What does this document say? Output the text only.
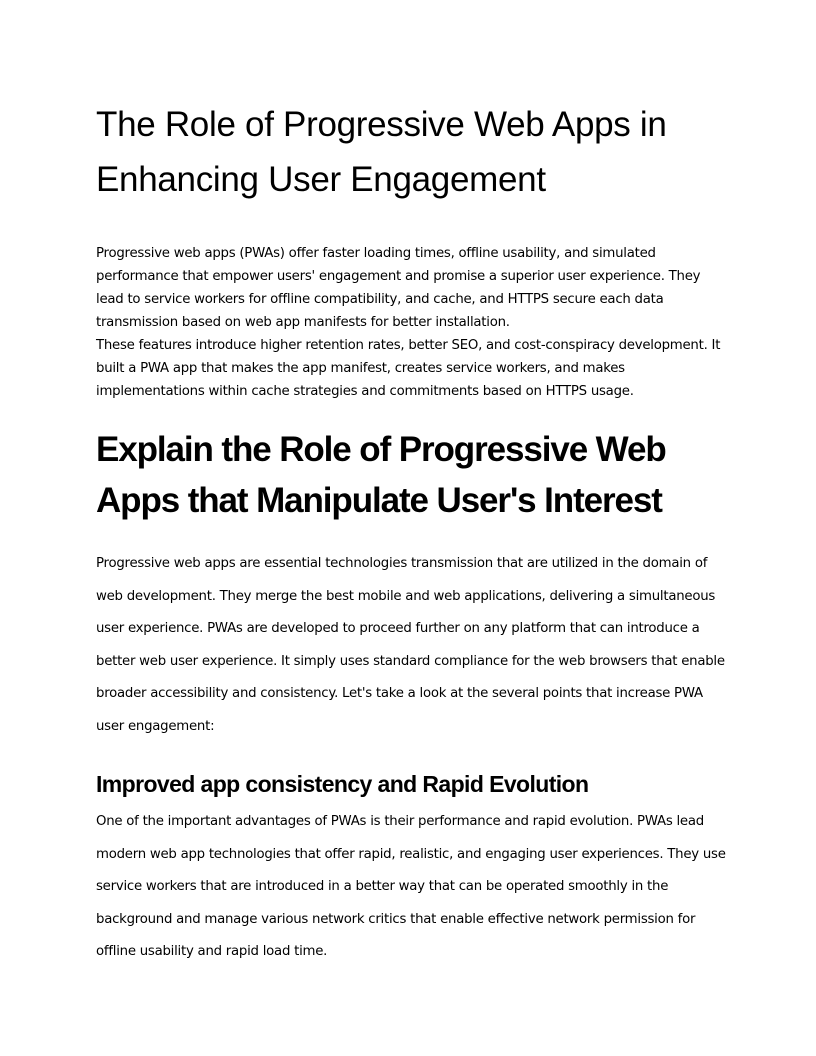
The Role of Progressive Web Apps in Enhancing User Engagement

Progressive web apps (PWAs) offer faster loading times, offline usability, and simulated performance that empower users' engagement and promise a superior user experience. They lead to service workers for offline compatibility, and cache, and HTTPS secure each data transmission based on web app manifests for better installation.

These features introduce higher retention rates, better SEO, and cost-conspiracy development. It built a PWA app that makes the app manifest, creates service workers, and makes implementations within cache strategies and commitments based on HTTPS usage.

Explain the Role of Progressive Web Apps that Manipulate User's Interest

Progressive web apps are essential technologies transmission that are utilized in the domain of web development. They merge the best mobile and web applications, delivering a simultaneous user experience. PWAs are developed to proceed further on any platform that can introduce a better web user experience. It simply uses standard compliance for the web browsers that enable broader accessibility and consistency. Let's take a look at the several points that increase PWA user engagement:

Improved app consistency and Rapid Evolution

One of the important advantages of PWAs is their performance and rapid evolution. PWAs lead modern web app technologies that offer rapid, realistic, and engaging user experiences. They use service workers that are introduced in a better way that can be operated smoothly in the background and manage various network critics that enable effective network permission for offline usability and rapid load time.
